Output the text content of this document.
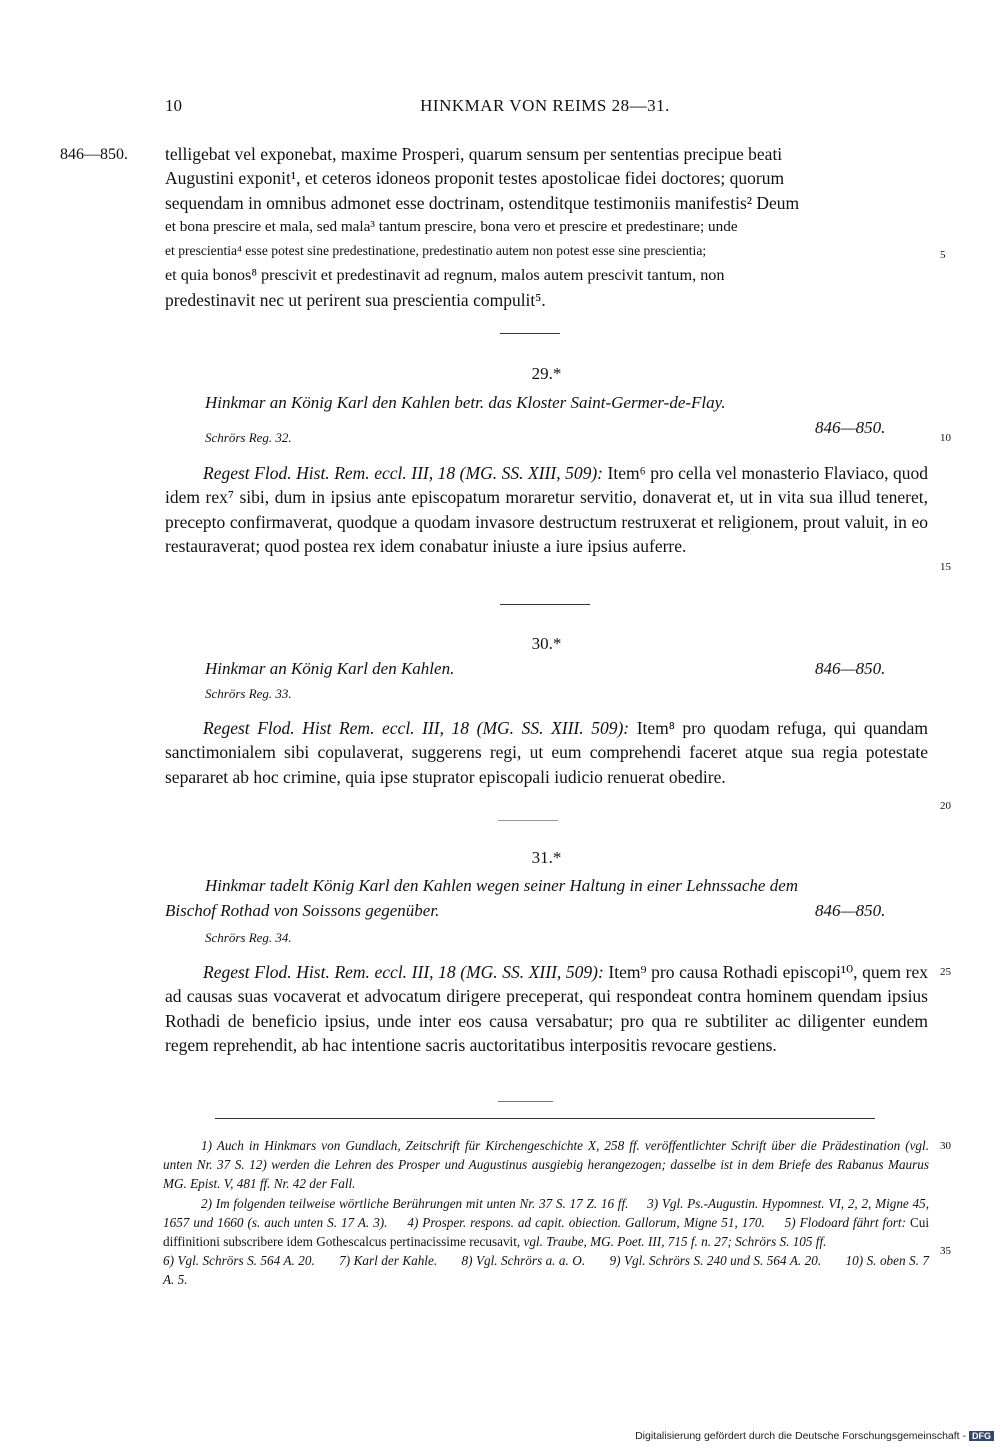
10	HINKMAR VON REIMS 28—31.
846—850.
5
10
15
20
25
30
35

telligebat vel exponebat, maxime Prosperi, quarum sensum per sententias precipue beati

Augustini exponit¹, et ceteros idoneos proponit testes apostolicae fidei doctores; quorum

sequendam in omnibus admonet esse doctrinam, ostenditque testimoniis manifestis² Deum

et bona prescire et mala, sed mala³ tantum prescire, bona vero et prescire et predestinare; unde

et prescientia⁴ esse potest sine predestinatione, predestinatio autem non potest esse sine prescientia;

et quia bonos⁸ prescivit et predestinavit ad regnum, malos autem prescivit tantum, non

predestinavit nec ut perirent sua prescientia compulit⁵.

29.*
Hinkmar an König Karl den Kahlen betr. das Kloster Saint-Germer-de-Flay.
846—850.
Schrörs Reg. 32.

Regest Flod. Hist. Rem. eccl. III, 18 (MG. SS. XIII, 509): Item⁶ pro cella vel monasterio Flaviaco, quod idem rex⁷ sibi, dum in ipsius ante episcopatum moraretur servitio, donaverat et, ut in vita sua illud teneret, precepto confirmaverat, quodque a quodam invasore destructum restruxerat et religionem, prout valuit, in eo restauraverat; quod postea rex idem conabatur iniuste a iure ipsius auferre.

30.*
Hinkmar an König Karl den Kahlen.	846—850.
Schrörs Reg. 33.

Regest Flod. Hist Rem. eccl. III, 18 (MG. SS. XIII. 509): Item⁸ pro quodam refuga, qui quandam sanctimonialem sibi copulaverat, suggerens regi, ut eum comprehendi faceret atque sua regia potestate separaret ab hoc crimine, quia ipse stuprator episcopali iudicio renuerat obedire.

31.*
Hinkmar tadelt König Karl den Kahlen wegen seiner Haltung in einer Lehnssache dem
Bischof Rothad von Soissons gegenüber.	846—850.
Schrörs Reg. 34.

Regest Flod. Hist. Rem. eccl. III, 18 (MG. SS. XIII, 509): Item⁹ pro causa Rothadi episcopi¹⁰, quem rex ad causas suas vocaverat et advocatum dirigere preceperat, qui respondeat contra hominem quendam ipsius Rothadi de beneficio ipsius, unde inter eos causa versabatur; pro qua re subtiliter ac diligenter eundem regem reprehendit, ab hac intentione sacris auctoritatibus interpositis revocare gestiens.

1) Auch in Hinkmars von Gundlach, Zeitschrift für Kirchengeschichte X, 258 ff. veröffentlichter Schrift über die Prädestination (vgl. unten Nr. 37 S. 12) werden die Lehren des Prosper und Augustinus ausgiebig herangezogen; dasselbe ist in dem Briefe des Rabanus Maurus MG. Epist. V, 481 ff. Nr. 42 der Fall.

2) Im folgenden teilweise wörtliche Berührungen mit unten Nr. 37 S. 17 Z. 16 ff. 3) Vgl. Ps.-Augustin. Hypomnest. VI, 2, 2, Migne 45, 1657 und 1660 (s. auch unten S. 17 A. 3). 4) Prosper. respons. ad capit. obiection. Gallorum, Migne 51, 170. 5) Flodoard fährt fort: Cui diffinitioni subscribere idem Gothescalcus pertinacissime recusavit, vgl. Traube, MG. Poet. III, 715 f. n. 27; Schrörs S. 105 ff.

6) Vgl. Schrörs S. 564 A. 20. 7) Karl der Kahle. 8) Vgl. Schrörs a. a. O. 9) Vgl. Schrörs S. 240 und S. 564 A. 20. 10) S. oben S. 7 A. 5.

Digitalisierung gefördert durch die Deutsche Forschungsgemeinschaft - DFG
